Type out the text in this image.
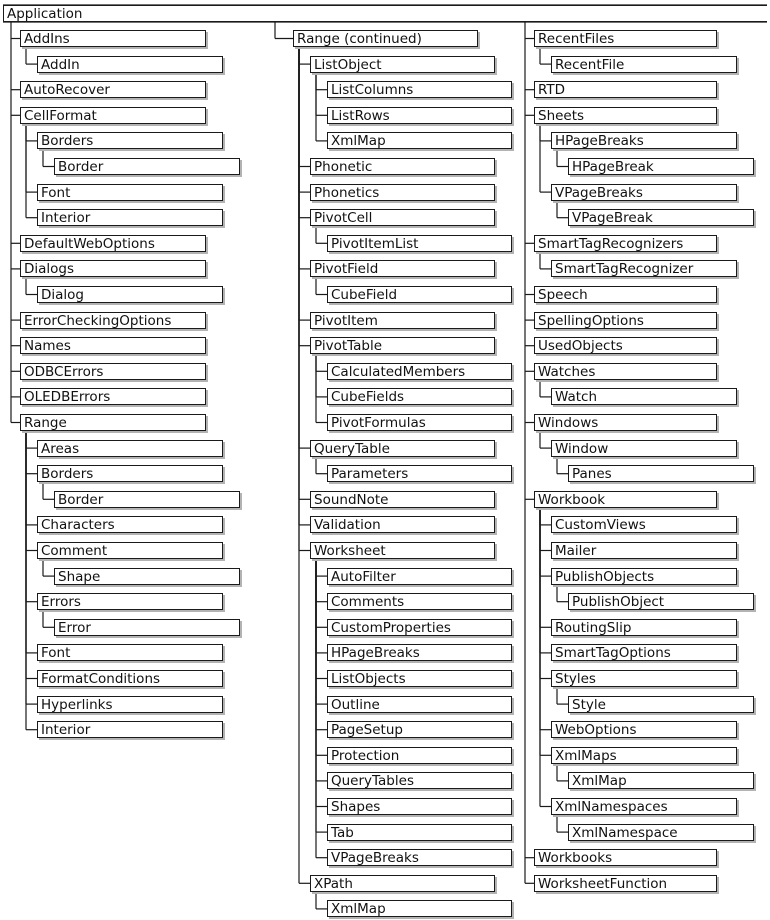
Application
AddIns
AddIn
AutoRecover
CellFormat
Borders
Border
Font
Interior
DefaultWebOptions
Dialogs
Dialog
ErrorCheckingOptions
Names
ODBCErrors
OLEDBErrors
Range
Areas
Borders
Border
Characters
Comment
Shape
Errors
Error
Font
FormatConditions
Hyperlinks
Interior
Range (continued)
ListObject
ListColumns
ListRows
XmlMap
Phonetic
Phonetics
PivotCell
PivotItemList
PivotField
CubeField
PivotItem
PivotTable
CalculatedMembers
CubeFields
PivotFormulas
QueryTable
Parameters
SoundNote
Validation
Worksheet
AutoFilter
Comments
CustomProperties
HPageBreaks
ListObjects
Outline
PageSetup
Protection
QueryTables
Shapes
Tab
VPageBreaks
XPath
XmlMap
RecentFiles
RecentFile
RTD
Sheets
HPageBreaks
HPageBreak
VPageBreaks
VPageBreak
SmartTagRecognizers
SmartTagRecognizer
Speech
SpellingOptions
UsedObjects
Watches
Watch
Windows
Window
Panes
Workbook
CustomViews
Mailer
PublishObjects
PublishObject
RoutingSlip
SmartTagOptions
Styles
Style
WebOptions
XmlMaps
XmlMap
XmlNamespaces
XmlNamespace
Workbooks
WorksheetFunction
